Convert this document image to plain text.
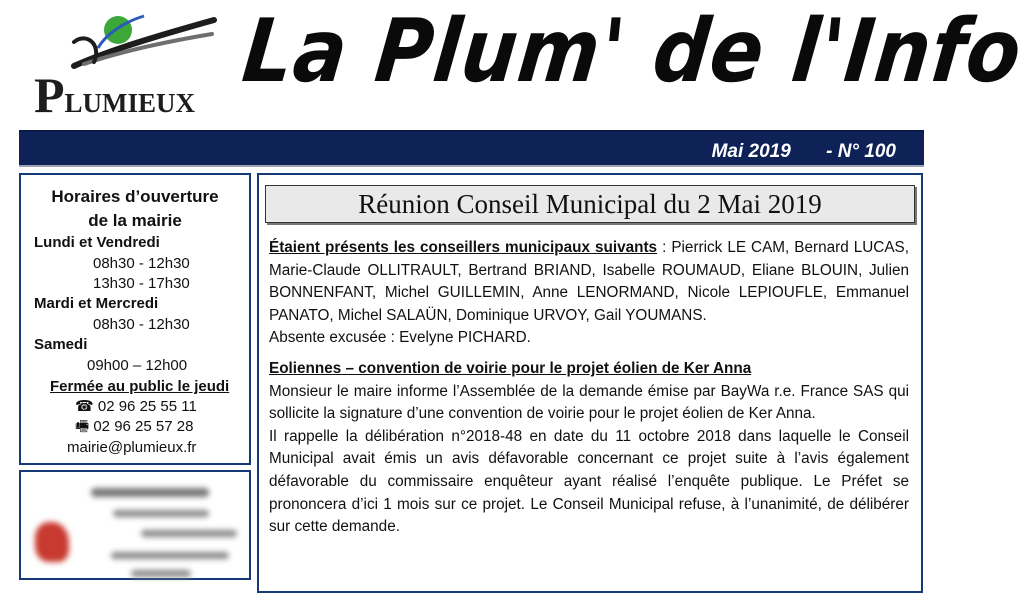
PLUMIEUX
La Plum' de l'Info
Mai 2019 - N° 100
Horaires d’ouverture
de la mairie
Lundi et Vendredi
08h30 - 12h30
13h30 - 17h30
Mardi et Mercredi
08h30 - 12h30
Samedi
09h00 – 12h00
Fermée au public le jeudi
☎ 02 96 25 55 11
🖷 02 96 25 57 28
mairie@plumieux.fr
Réunion Conseil Municipal du 2 Mai 2019

Étaient présents les conseillers municipaux suivants : Pierrick LE CAM, Bernard LUCAS, Marie-Claude OLLITRAULT, Bertrand BRIAND, Isabelle ROUMAUD, Eliane BLOUIN, Julien BONNENFANT, Michel GUILLEMIN, Anne LENORMAND, Nicole LEPIOUFLE, Emmanuel PANATO, Michel SALAÜN, Dominique URVOY, Gail YOUMANS.

Absente excusée : Evelyne PICHARD.

Eoliennes – convention de voirie pour le projet éolien de Ker Anna

Monsieur le maire informe l’Assemblée de la demande émise par BayWa r.e. France SAS qui sollicite la signature d’une convention de voirie pour le projet éolien de Ker Anna.

Il rappelle la délibération n°2018-48 en date du 11 octobre 2018 dans laquelle le Conseil Municipal avait émis un avis défavorable concernant ce projet suite à l’avis également défavorable du commissaire enquêteur ayant réalisé l’enquête publique. Le Préfet se prononcera d’ici 1 mois sur ce projet. Le Conseil Municipal refuse, à l’unanimité, de délibérer sur cette demande.
